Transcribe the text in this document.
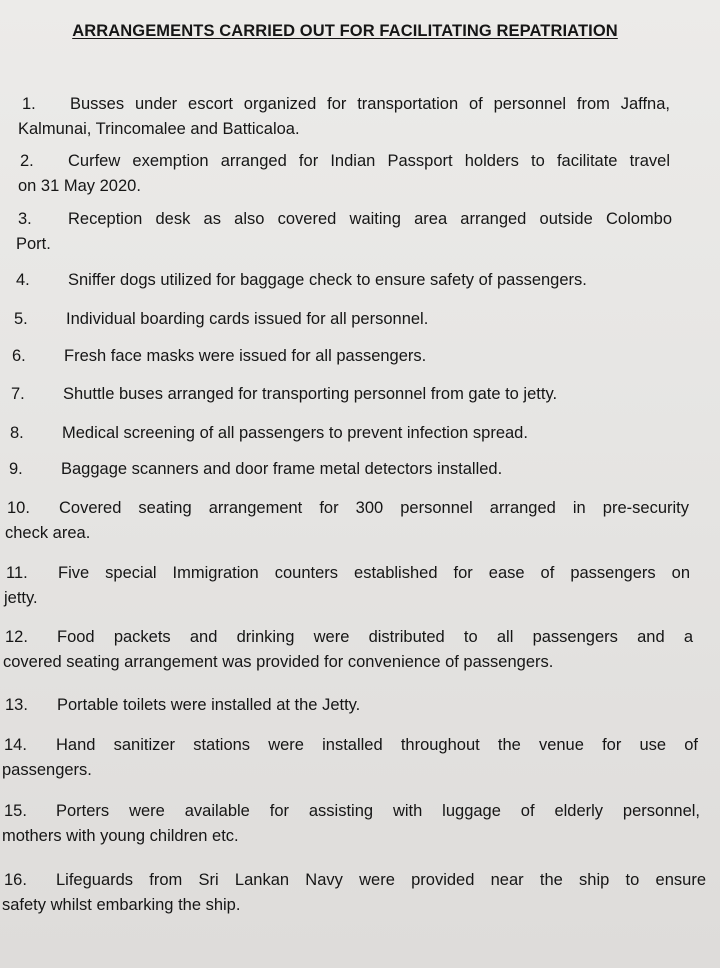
ARRANGEMENTS CARRIED OUT FOR FACILITATING REPATRIATION
1. Busses under escort organized for transportation of personnel from Jaffna,
Kalmunai, Trincomalee and Batticaloa.
2. Curfew exemption arranged for Indian Passport holders to facilitate travel
on 31 May 2020.
3. Reception desk as also covered waiting area arranged outside Colombo
Port.
4. Sniffer dogs utilized for baggage check to ensure safety of passengers.
5. Individual boarding cards issued for all personnel.
6. Fresh face masks were issued for all passengers.
7. Shuttle buses arranged for transporting personnel from gate to jetty.
8. Medical screening of all passengers to prevent infection spread.
9. Baggage scanners and door frame metal detectors installed.
10. Covered seating arrangement for 300 personnel arranged in pre-security
check area.
11. Five special Immigration counters established for ease of passengers on
jetty.
12. Food packets and drinking were distributed to all passengers and a
covered seating arrangement was provided for convenience of passengers.
13. Portable toilets were installed at the Jetty.
14. Hand sanitizer stations were installed throughout the venue for use of
passengers.
15. Porters were available for assisting with luggage of elderly personnel,
mothers with young children etc.
16. Lifeguards from Sri Lankan Navy were provided near the ship to ensure
safety whilst embarking the ship.
